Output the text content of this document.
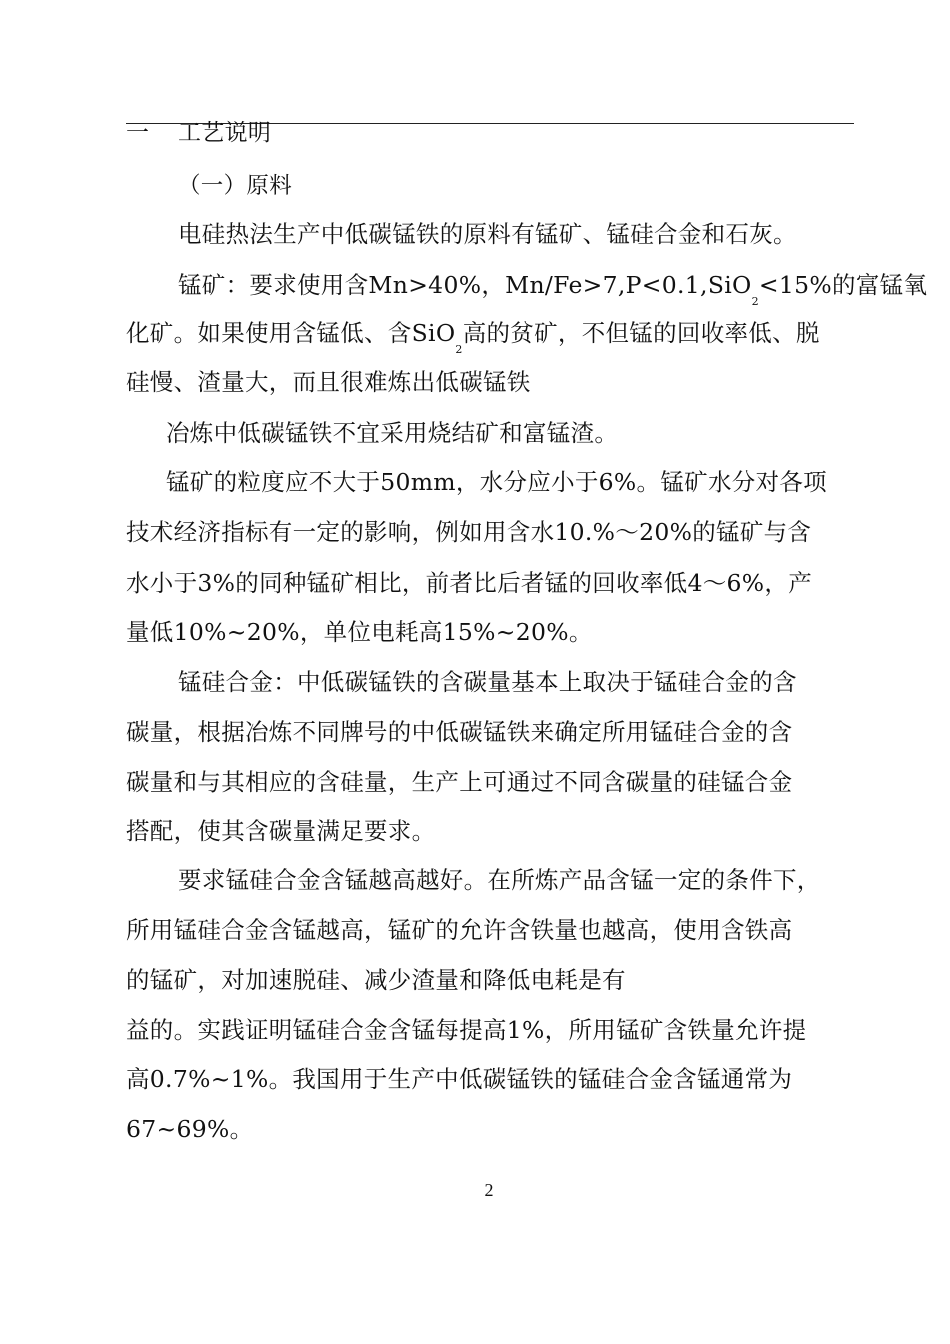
一 工艺说明
（一）原料
电硅热法生产中低碳锰铁的原料有锰矿、锰硅合金和石灰。
锰矿：要求使用含Mn>40%，Mn/Fe>7,P<0.1,SiO$_2$<15%的富锰氧
化矿。如果使用含锰低、含SiO$_2$高的贫矿，不但锰的回收率低、脱
硅慢、渣量大，而且很难炼出低碳锰铁
冶炼中低碳锰铁不宜采用烧结矿和富锰渣。
锰矿的粒度应不大于50mm，水分应小于6%。锰矿水分对各项
技术经济指标有一定的影响，例如用含水10.%～20%的锰矿与含
水小于3%的同种锰矿相比，前者比后者锰的回收率低4～6%，产
量低10%~20%，单位电耗高15%~20%。
锰硅合金：中低碳锰铁的含碳量基本上取决于锰硅合金的含
碳量，根据冶炼不同牌号的中低碳锰铁来确定所用锰硅合金的含
碳量和与其相应的含硅量，生产上可通过不同含碳量的硅锰合金
搭配，使其含碳量满足要求。
要求锰硅合金含锰越高越好。在所炼产品含锰一定的条件下，
所用锰硅合金含锰越高，锰矿的允许含铁量也越高，使用含铁高
的锰矿，对加速脱硅、减少渣量和降低电耗是有
益的。实践证明锰硅合金含锰每提高1%，所用锰矿含铁量允许提
高0.7%~1%。我国用于生产中低碳锰铁的锰硅合金含锰通常为
67~69%。
2
